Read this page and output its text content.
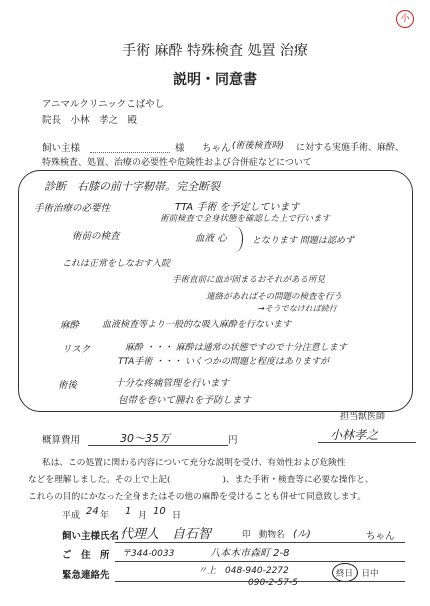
小
手術 麻酔 特殊検査 処置 治療
説明・同意書
アニマルクリニックこばやし
院長　小林　孝之　殿
飼い主様	様	(術後検査時)
ちゃん	に対する実施手術、麻酔、
特殊検査、処置、治療の必要性や危険性および合併症などについて
診断　右膝の前十字靭帯。完全断裂
手術治療の必要性	TTA 手術 を予定しています
術前検査で全身状態を確認した上で行います
術前の検査	血液 心	となります 問題は認めず
これは正常をしなおす入院
手術直前に血が固まるおそれがある所見
連絡があればその問題の検査を行う
→そうでなければ続行
麻酔	血液検査等より一般的な吸入麻酔を行ないます
リスク	麻酔 ・・・ 麻酔は通常の状態ですので十分注意します
TTA手術 ・・・ いくつかの問題と程度はありますが
術後	十分な疼痛管理を行います
包帯を巻いて腫れを予防します
担当獣医師
小林孝之
概算費用	30～35万	円
私は、この処置に関わる内容について充分な説明を受け、有効性および危険性
などを理解しました。その上で上記(　　　　　　)、また手術・検査等に必要な操作と、
これらの目的にかなった全身またはその他の麻酔を受けることも併せて同意致します。
平成 24 年 1 月 10 日
飼い主様氏名 代理人　自石智	印　動物名 (ル)	ちゃん
ご　住　所 〒344-0033	八本木市森町 2-8
緊急連絡先	〃上　048-940-2272
090-2-57-5
終日・日中
